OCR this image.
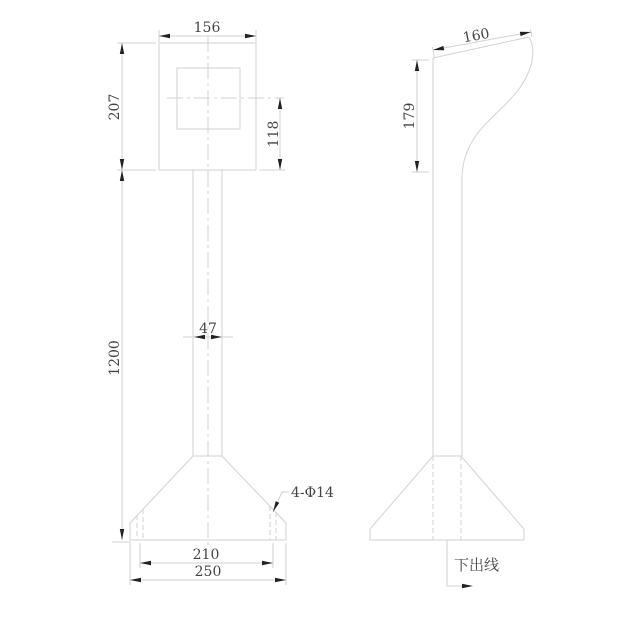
156
207
118
1200
47
210
250
4-Φ14
160
179
下出线
